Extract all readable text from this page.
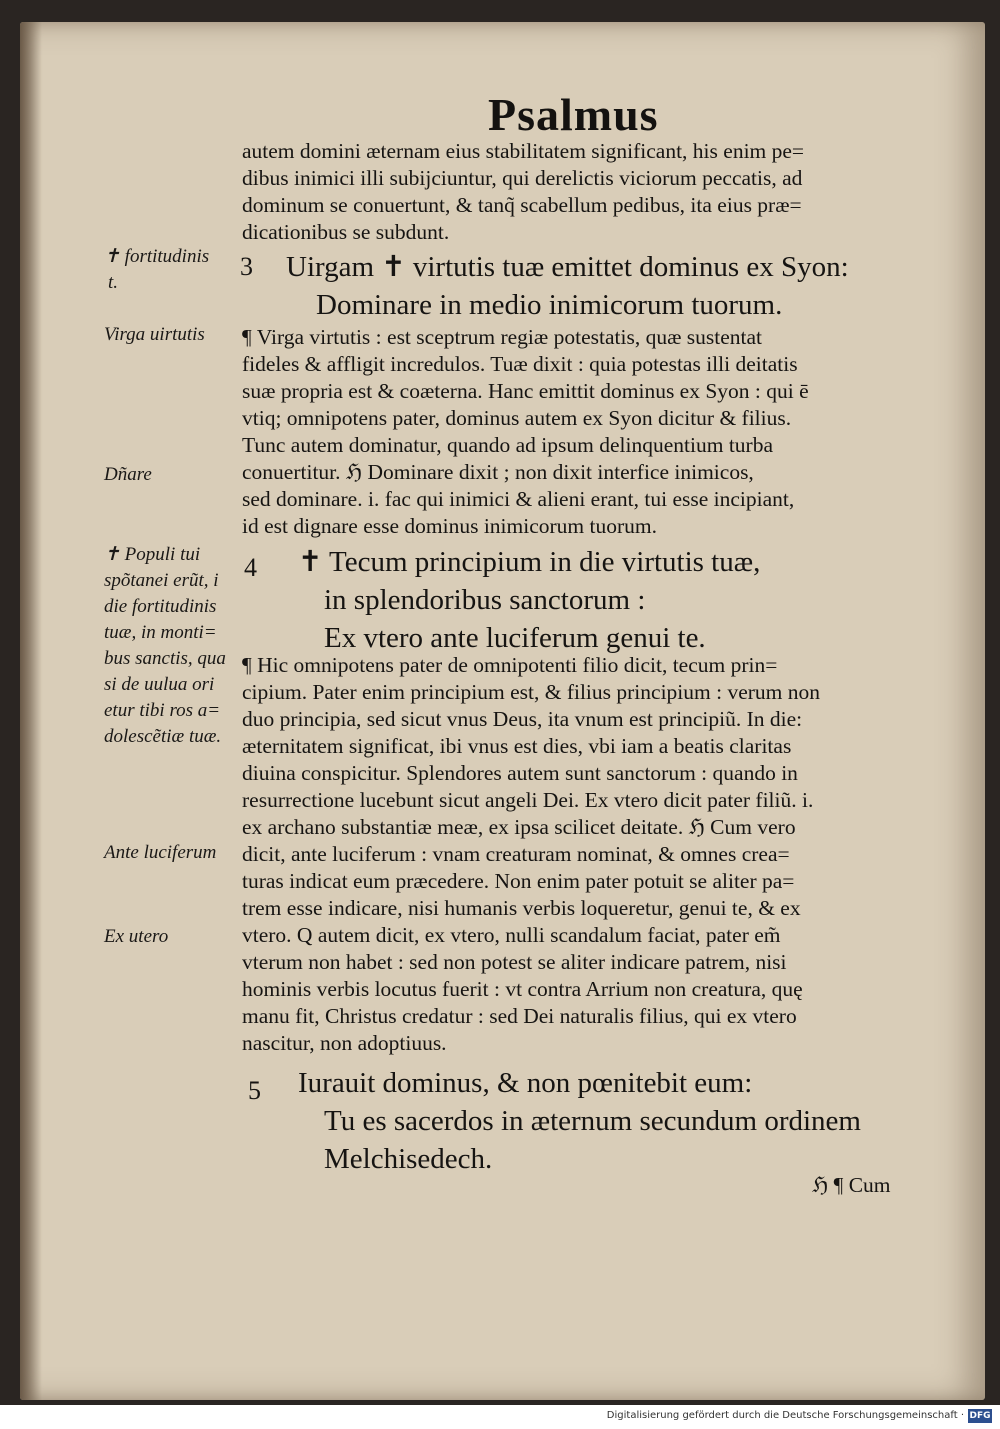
Psalmus
autem domini æternam eius stabilitatem significant, his enim pe=
dibus inimici illi subijciuntur, qui derelictis viciorum peccatis, ad
dominum se conuertunt, & tanq̃ scabellum pedibus, ita eius præ=
dicationibus se subdunt.
3 Uirgam ✝ virtutis tuæ emittet dominus ex Syon:
Dominare in medio inimicorum tuorum.
¶ Virga virtutis : est sceptrum regiæ potestatis, quæ sustentat
fideles & affligit incredulos. Tuæ dixit : quia potestas illi deitatis
suæ propria est & coæterna. Hanc emittit dominus ex Syon : qui ē
vtiq; omnipotens pater, dominus autem ex Syon dicitur & filius.
Tunc autem dominatur, quando ad ipsum delinquentium turba
conuertitur. ℌ Dominare dixit ; non dixit interfice inimicos,
sed dominare. i. fac qui inimici & alieni erant, tui esse incipiant,
id est dignare esse dominus inimicorum tuorum.
4 ✝ Tecum principium in die virtutis tuæ,
in splendoribus sanctorum :
Ex vtero ante luciferum genui te.
¶ Hic omnipotens pater de omnipotenti filio dicit, tecum prin=
cipium. Pater enim principium est, & filius principium : verum non
duo principia, sed sicut vnus Deus, ita vnum est principiũ. In die:
æternitatem significat, ibi vnus est dies, vbi iam a beatis claritas
diuina conspicitur. Splendores autem sunt sanctorum : quando in
resurrectione lucebunt sicut angeli Dei. Ex vtero dicit pater filiũ. i.
ex archano substantiæ meæ, ex ipsa scilicet deitate. ℌ Cum vero
dicit, ante luciferum : vnam creaturam nominat, & omnes crea=
turas indicat eum præcedere. Non enim pater potuit se aliter pa=
trem esse indicare, nisi humanis verbis loqueretur, genui te, & ex
vtero. Q autem dicit, ex vtero, nulli scandalum faciat, pater em̃
vterum non habet : sed non potest se aliter indicare patrem, nisi
hominis verbis locutus fuerit : vt contra Arrium non creatura, quę
manu fit, Christus credatur : sed Dei naturalis filius, qui ex vtero
nascitur, non adoptiuus.
5 Iurauit dominus, & non pœnitebit eum:
Tu es sacerdos in æternum secundum ordinem
Melchisedech.
ℌ ¶ Cum
✝ fortitudinis
t.
Virga uirtutis
Dñare
✝ Populi tui
spõtanei erũt, i
die fortitudinis
tuæ, in monti=
bus sanctis, qua
si de uulua ori
etur tibi ros a=
dolescẽtiæ tuæ.
Ante luciferum
Ex utero
Digitalisierung gefördert durch die Deutsche Forschungsgemeinschaft · DFG
